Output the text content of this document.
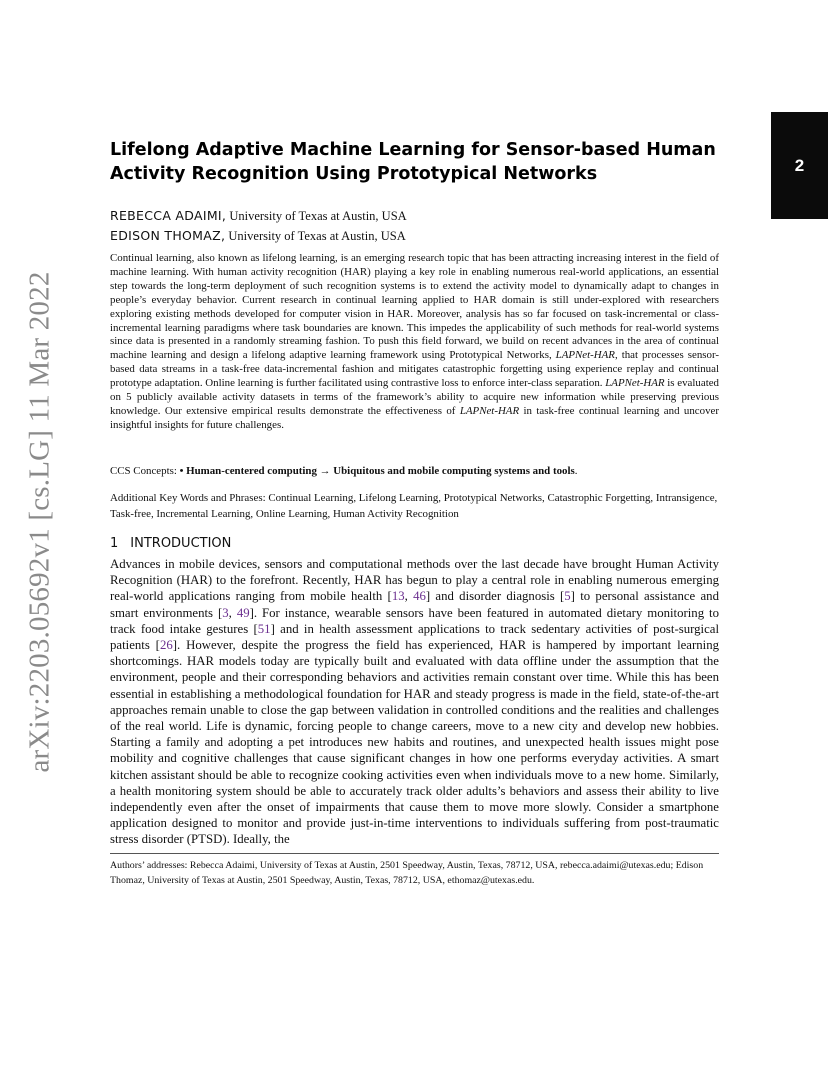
2
arXiv:2203.05692v1 [cs.LG] 11 Mar 2022
Lifelong Adaptive Machine Learning for Sensor-based Human Activity Recognition Using Prototypical Networks
REBECCA ADAIMI, University of Texas at Austin, USA
EDISON THOMAZ, University of Texas at Austin, USA

Continual learning, also known as lifelong learning, is an emerging research topic that has been attracting increasing interest in the field of machine learning. With human activity recognition (HAR) playing a key role in enabling numerous real-world applications, an essential step towards the long-term deployment of such recognition systems is to extend the activity model to dynamically adapt to changes in people’s everyday behavior. Current research in continual learning applied to HAR domain is still under-explored with researchers exploring existing methods developed for computer vision in HAR. Moreover, analysis has so far focused on task-incremental or class-incremental learning paradigms where task boundaries are known. This impedes the applicability of such methods for real-world systems since data is presented in a randomly streaming fashion. To push this field forward, we build on recent advances in the area of continual machine learning and design a lifelong adaptive learning framework using Prototypical Networks, LAPNet-HAR, that processes sensor-based data streams in a task-free data-incremental fashion and mitigates catastrophic forgetting using experience replay and continual prototype adaptation. Online learning is further facilitated using contrastive loss to enforce inter-class separation. LAPNet-HAR is evaluated on 5 publicly available activity datasets in terms of the framework’s ability to acquire new information while preserving previous knowledge. Our extensive empirical results demonstrate the effectiveness of LAPNet-HAR in task-free continual learning and uncover insightful insights for future challenges.

CCS Concepts: • Human-centered computing → Ubiquitous and mobile computing systems and tools.

Additional Key Words and Phrases: Continual Learning, Lifelong Learning, Prototypical Networks, Catastrophic Forgetting, Intransigence, Task-free, Incremental Learning, Online Learning, Human Activity Recognition

1 INTRODUCTION

Advances in mobile devices, sensors and computational methods over the last decade have brought Human Activity Recognition (HAR) to the forefront. Recently, HAR has begun to play a central role in enabling numerous emerging real-world applications ranging from mobile health [13, 46] and disorder diagnosis [5] to personal assistance and smart environments [3, 49]. For instance, wearable sensors have been featured in automated dietary monitoring to track food intake gestures [51] and in health assessment applications to track sedentary activities of post-surgical patients [26]. However, despite the progress the field has experienced, HAR is hampered by important learning shortcomings. HAR models today are typically built and evaluated with data offline under the assumption that the environment, people and their corresponding behaviors and activities remain constant over time. While this has been essential in establishing a methodological foundation for HAR and steady progress is made in the field, state-of-the-art approaches remain unable to close the gap between validation in controlled conditions and the realities and challenges of the real world. Life is dynamic, forcing people to change careers, move to a new city and develop new hobbies. Starting a family and adopting a pet introduces new habits and routines, and unexpected health issues might pose mobility and cognitive challenges that cause significant changes in how one performs everyday activities. A smart kitchen assistant should be able to recognize cooking activities even when individuals move to a new home. Similarly, a health monitoring system should be able to accurately track older adults’s behaviors and assess their ability to live independently even after the onset of impairments that cause them to move more slowly. Consider a smartphone application designed to monitor and provide just-in-time interventions to individuals suffering from post-traumatic stress disorder (PTSD). Ideally, the

Authors’ addresses: Rebecca Adaimi, University of Texas at Austin, 2501 Speedway, Austin, Texas, 78712, USA, rebecca.adaimi@utexas.edu; Edison Thomaz, University of Texas at Austin, 2501 Speedway, Austin, Texas, 78712, USA, ethomaz@utexas.edu.
